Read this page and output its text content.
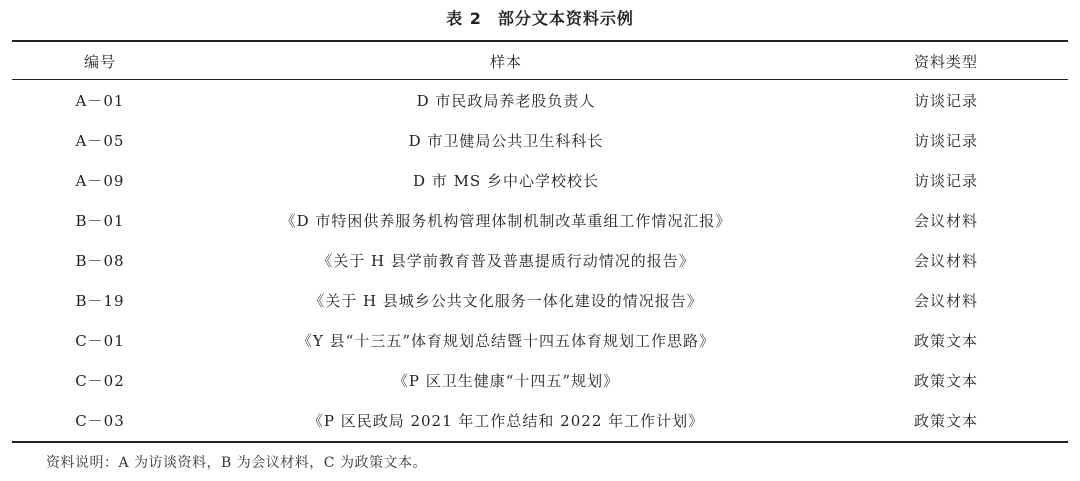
表 2 部分文本资料示例
编号	样本	资料类型
A－01	D 市民政局养老股负责人	访谈记录
A－05	D 市卫健局公共卫生科科长	访谈记录
A－09	D 市 MS 乡中心学校校长	访谈记录
B－01	《D 市特困供养服务机构管理体制机制改革重组工作情况汇报》	会议材料
B－08	《关于 H 县学前教育普及普惠提质行动情况的报告》	会议材料
B－19	《关于 H 县城乡公共文化服务一体化建设的情况报告》	会议材料
C－01	《Y 县“十三五”体育规划总结暨十四五体育规划工作思路》	政策文本
C－02	《P 区卫生健康“十四五”规划》	政策文本
C－03	《P 区民政局 2021 年工作总结和 2022 年工作计划》	政策文本
资料说明：A 为访谈资料，B 为会议材料，C 为政策文本。
